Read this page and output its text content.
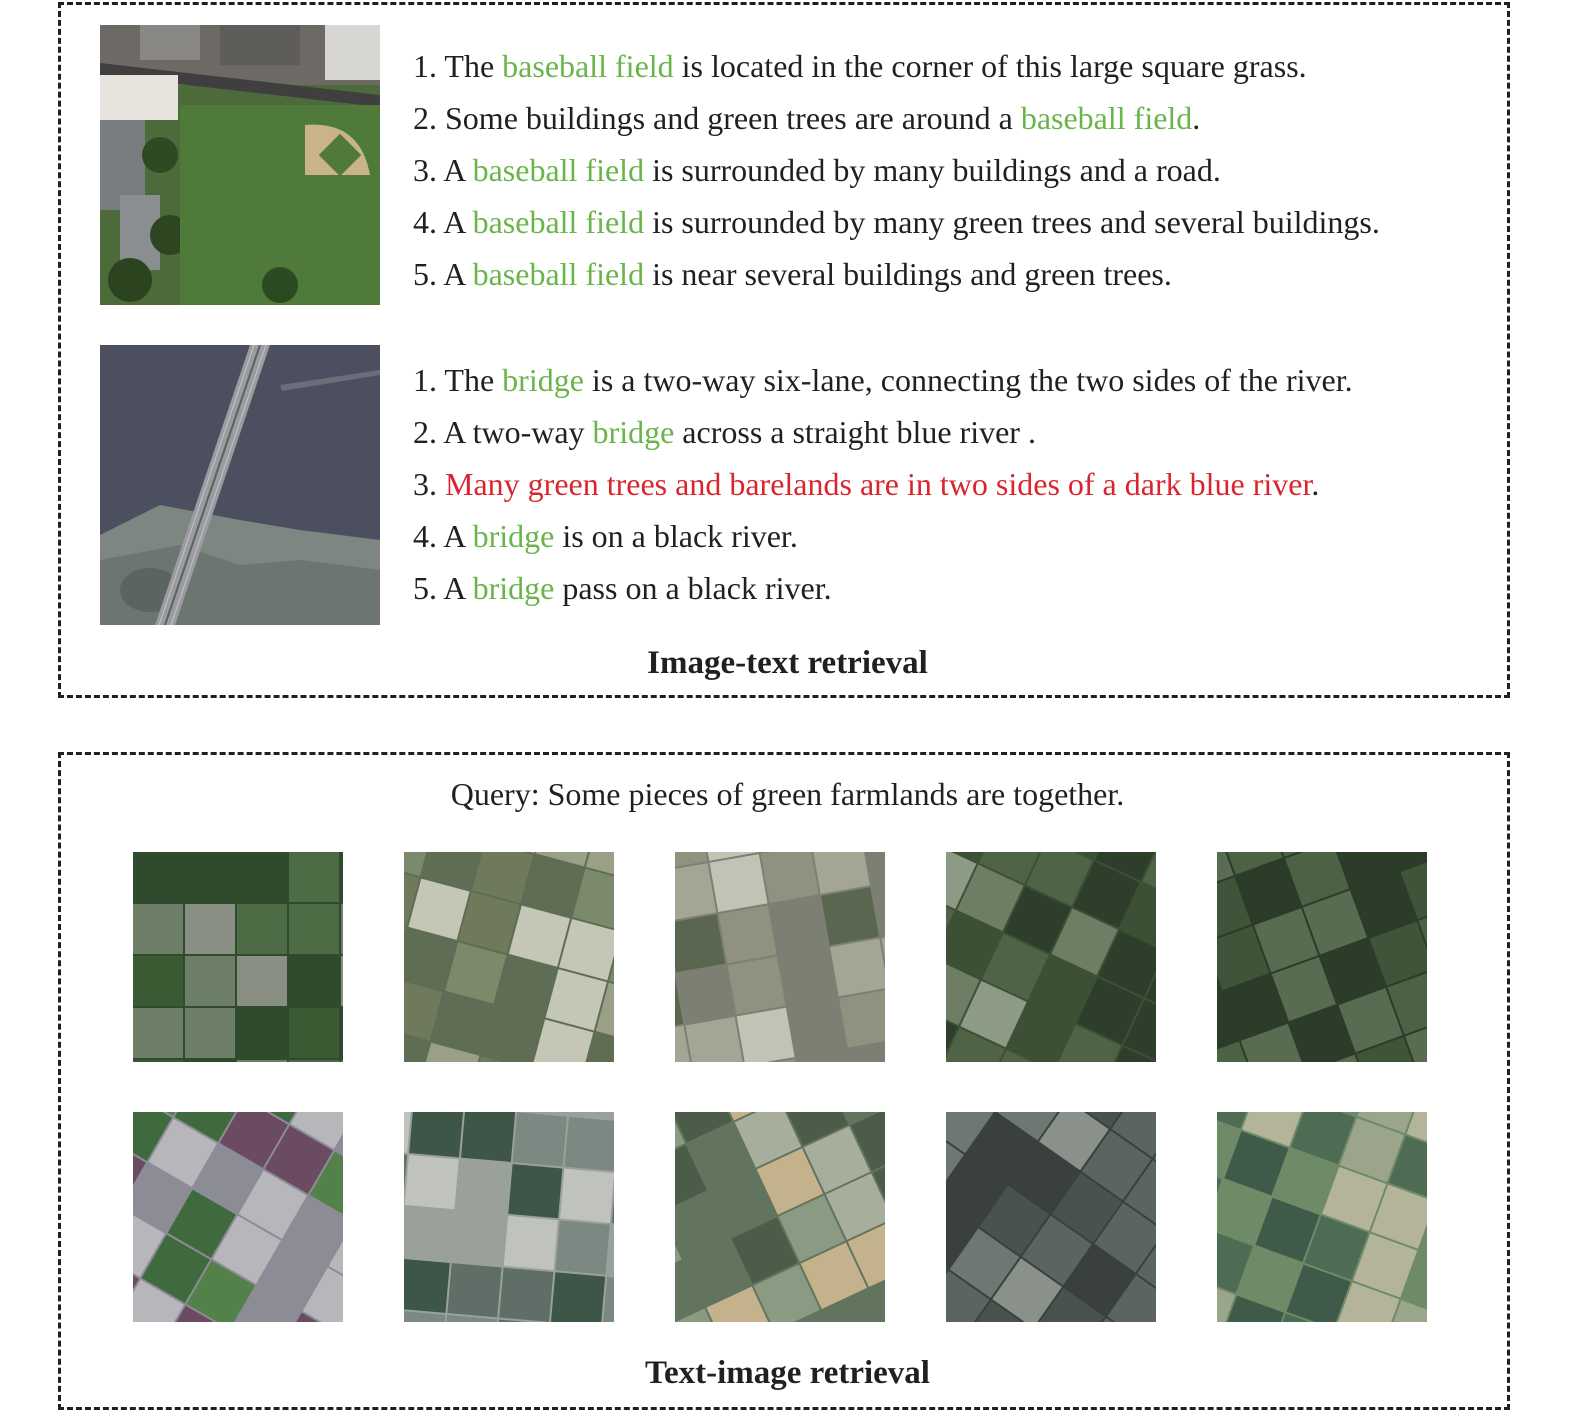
1. The baseball field is located in the corner of this large square grass.
2. Some buildings and green trees are around a baseball field.
3. A baseball field is surrounded by many buildings and a road.
4. A baseball field is surrounded by many green trees and several buildings.
5. A baseball field is near several buildings and green trees.
1. The bridge is a two-way six-lane, connecting the two sides of the river.
2. A two-way bridge across a straight blue river .
3. Many green trees and barelands are in two sides of a dark blue river.
4. A bridge is on a black river.
5. A bridge pass on a black river.
Image-text retrieval
Query: Some pieces of green farmlands are together.
Text-image retrieval
